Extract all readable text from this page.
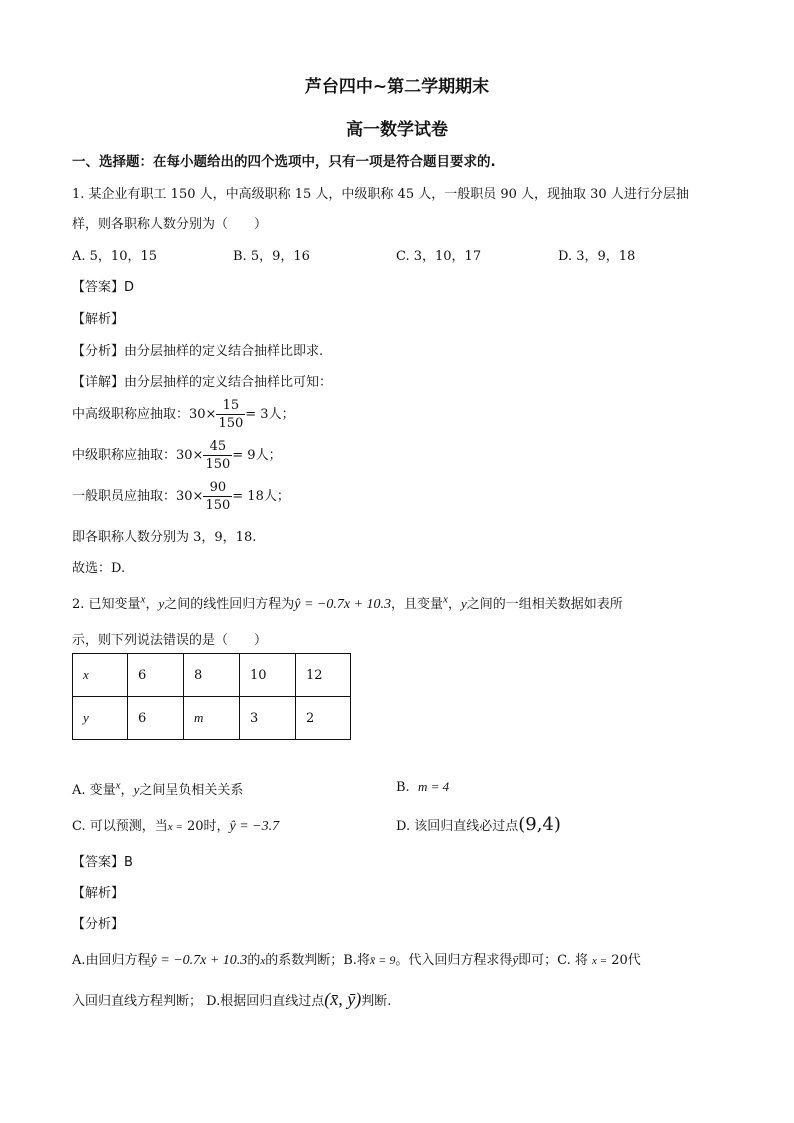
芦台四中~第二学期期末
高一数学试卷
一、选择题：在每小题给出的四个选项中，只有一项是符合题目要求的.
1. 某企业有职工 150 人，中高级职称 15 人，中级职称 45 人，一般职员 90 人，现抽取 30 人进行分层抽
样，则各职称人数分别为（　　）
A. 5，10，15	B. 5，9，16	C. 3，10，17	D. 3，9，18
【答案】D
【解析】
【分析】由分层抽样的定义结合抽样比即求.
【详解】由分层抽样的定义结合抽样比可知：
中高级职称应抽取：$30\times \frac{15}{150} = 3$人；
中级职称应抽取：$30\times \frac{45}{150} = 9$人；
一般职员应抽取：$30\times \frac{90}{150} = 18$人；
即各职称人数分别为 3，9，18.
故选：D.
2. 已知变量$^x$，y之间的线性回归方程为ŷ = −0.7x + 10.3，且变量$^x$，y之间的一组相关数据如表所
示，则下列说法错误的是（　　）
x	6	8	10	12
y	6	m	3	2
A. 变量$^x$，y之间呈负相关关系	B. m = 4
C. 可以预测，当x = 20时，ŷ = −3.7	D. 该回归直线必过点(9,4)
【答案】B
【解析】
【分析】
A.由回归方程ŷ = −0.7x + 10.3的x的系数判断；B.将x̄ = 9。代入回归方程求得ȳ即可；C. 将 x = 20代
入回归直线方程判断； D.根据回归直线过点(x̄, ȳ)判断.
